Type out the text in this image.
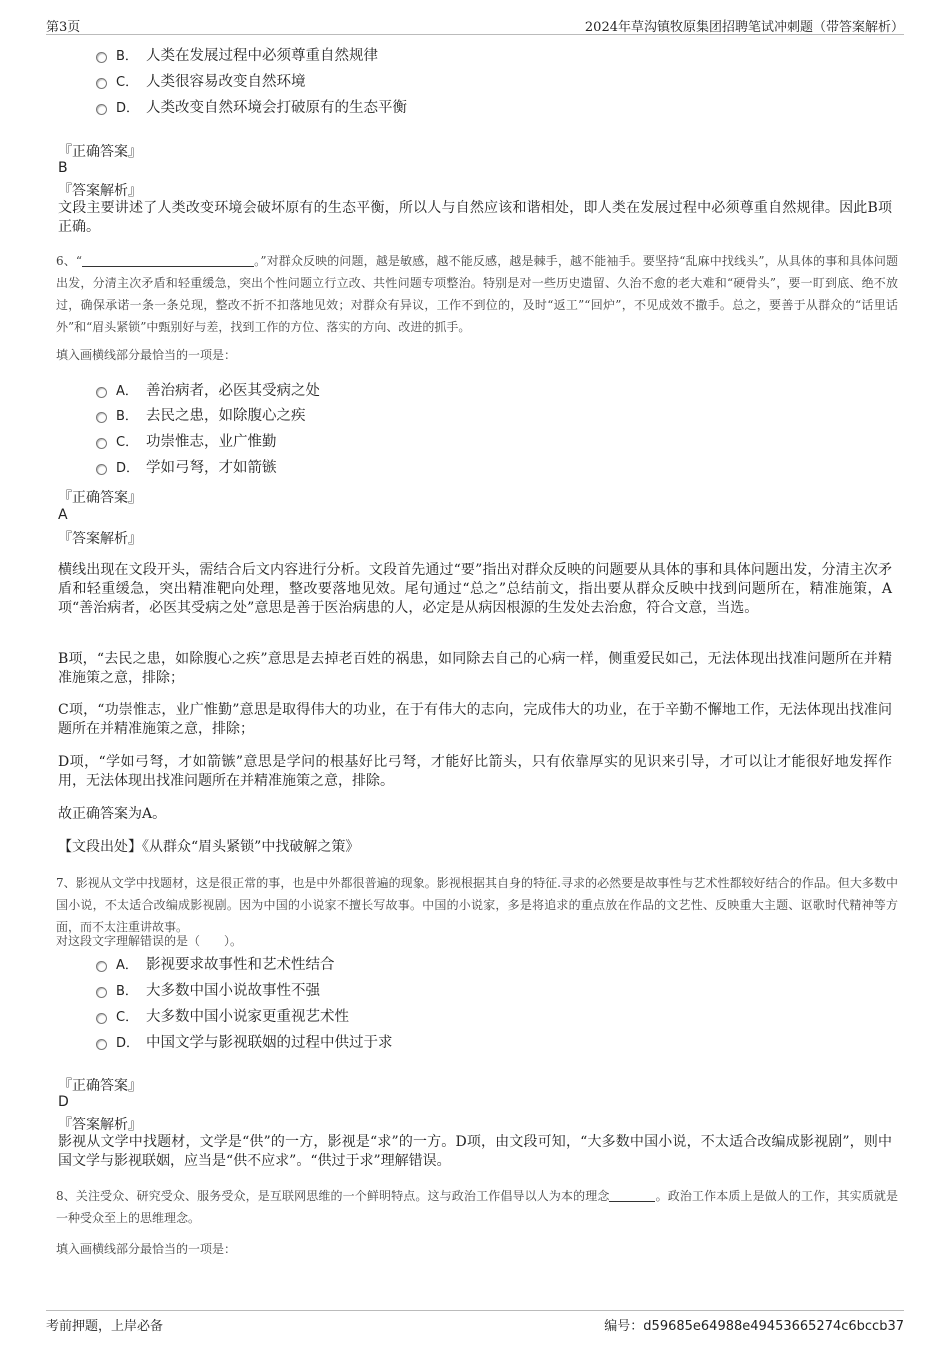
第3页	2024年草沟镇牧原集团招聘笔试冲刺题（带答案解析）
B． 人类在发展过程中必须尊重自然规律
C． 人类很容易改变自然环境
D． 人类改变自然环境会打破原有的生态平衡
『正确答案』
B
『答案解析』
文段主要讲述了人类改变环境会破坏原有的生态平衡，所以人与自然应该和谐相处，即人类在发展过程中必须尊重自然规律。因此B项正确。
6、“	。”对群众反映的问题，越是敏感，越不能反感，越是棘手，越不能袖手。要坚持“乱麻中找线头”，从具体的事和具体问题出发，分清主次矛盾和轻重缓急，突出个性问题立行立改、共性问题专项整治。特别是对一些历史遗留、久治不愈的老大难和“硬骨头”，要一盯到底、绝不放过，确保承诺一条一条兑现，整改不折不扣落地见效；对群众有异议，工作不到位的，及时“返工”“回炉”，不见成效不撒手。总之，要善于从群众的“话里话外”和“眉头紧锁”中甄别好与差，找到工作的方位、落实的方向、改进的抓手。
填入画横线部分最恰当的一项是：
A． 善治病者，必医其受病之处
B． 去民之患，如除腹心之疾
C． 功崇惟志，业广惟勤
D． 学如弓弩，才如箭镞
『正确答案』
A
『答案解析』
横线出现在文段开头，需结合后文内容进行分析。文段首先通过“要”指出对群众反映的问题要从具体的事和具体问题出发，分清主次矛盾和轻重缓急，突出精准靶向处理，整改要落地见效。尾句通过“总之”总结前文，指出要从群众反映中找到问题所在，精准施策，A项“善治病者，必医其受病之处”意思是善于医治病患的人，必定是从病因根源的生发处去治愈，符合文意，当选。
B项，“去民之患，如除腹心之疾”意思是去掉老百姓的祸患，如同除去自己的心病一样，侧重爱民如己，无法体现出找准问题所在并精准施策之意，排除；
C项，“功崇惟志，业广惟勤”意思是取得伟大的功业，在于有伟大的志向，完成伟大的功业，在于辛勤不懈地工作，无法体现出找准问题所在并精准施策之意，排除；
D项，“学如弓弩，才如箭镞”意思是学问的根基好比弓弩，才能好比箭头，只有依靠厚实的见识来引导，才可以让才能很好地发挥作用，无法体现出找准问题所在并精准施策之意，排除。
故正确答案为A。
【文段出处】《从群众“眉头紧锁”中找破解之策》
7、影视从文学中找题材，这是很正常的事，也是中外都很普遍的现象。影视根据其自身的特征.寻求的必然要是故事性与艺术性都较好结合的作品。但大多数中国小说，不太适合改编成影视剧。因为中国的小说家不擅长写故事。中国的小说家，多是将追求的重点放在作品的文艺性、反映重大主题、讴歌时代精神等方面，而不太注重讲故事。
对这段文字理解错误的是（　　）。
A． 影视要求故事性和艺术性结合
B． 大多数中国小说故事性不强
C． 大多数中国小说家更重视艺术性
D． 中国文学与影视联姻的过程中供过于求
『正确答案』
D
『答案解析』
影视从文学中找题材，文学是“供”的一方，影视是“求”的一方。D项，由文段可知，“大多数中国小说，不太适合改编成影视剧”，则中国文学与影视联姻，应当是“供不应求”。“供过于求”理解错误。
8、关注受众、研究受众、服务受众，是互联网思维的一个鲜明特点。这与政治工作倡导以人为本的理念	。政治工作本质上是做人的工作，其实质就是一种受众至上的思维理念。
填入画横线部分最恰当的一项是：
考前押题，上岸必备	编号：d59685e64988e49453665274c6bccb37
